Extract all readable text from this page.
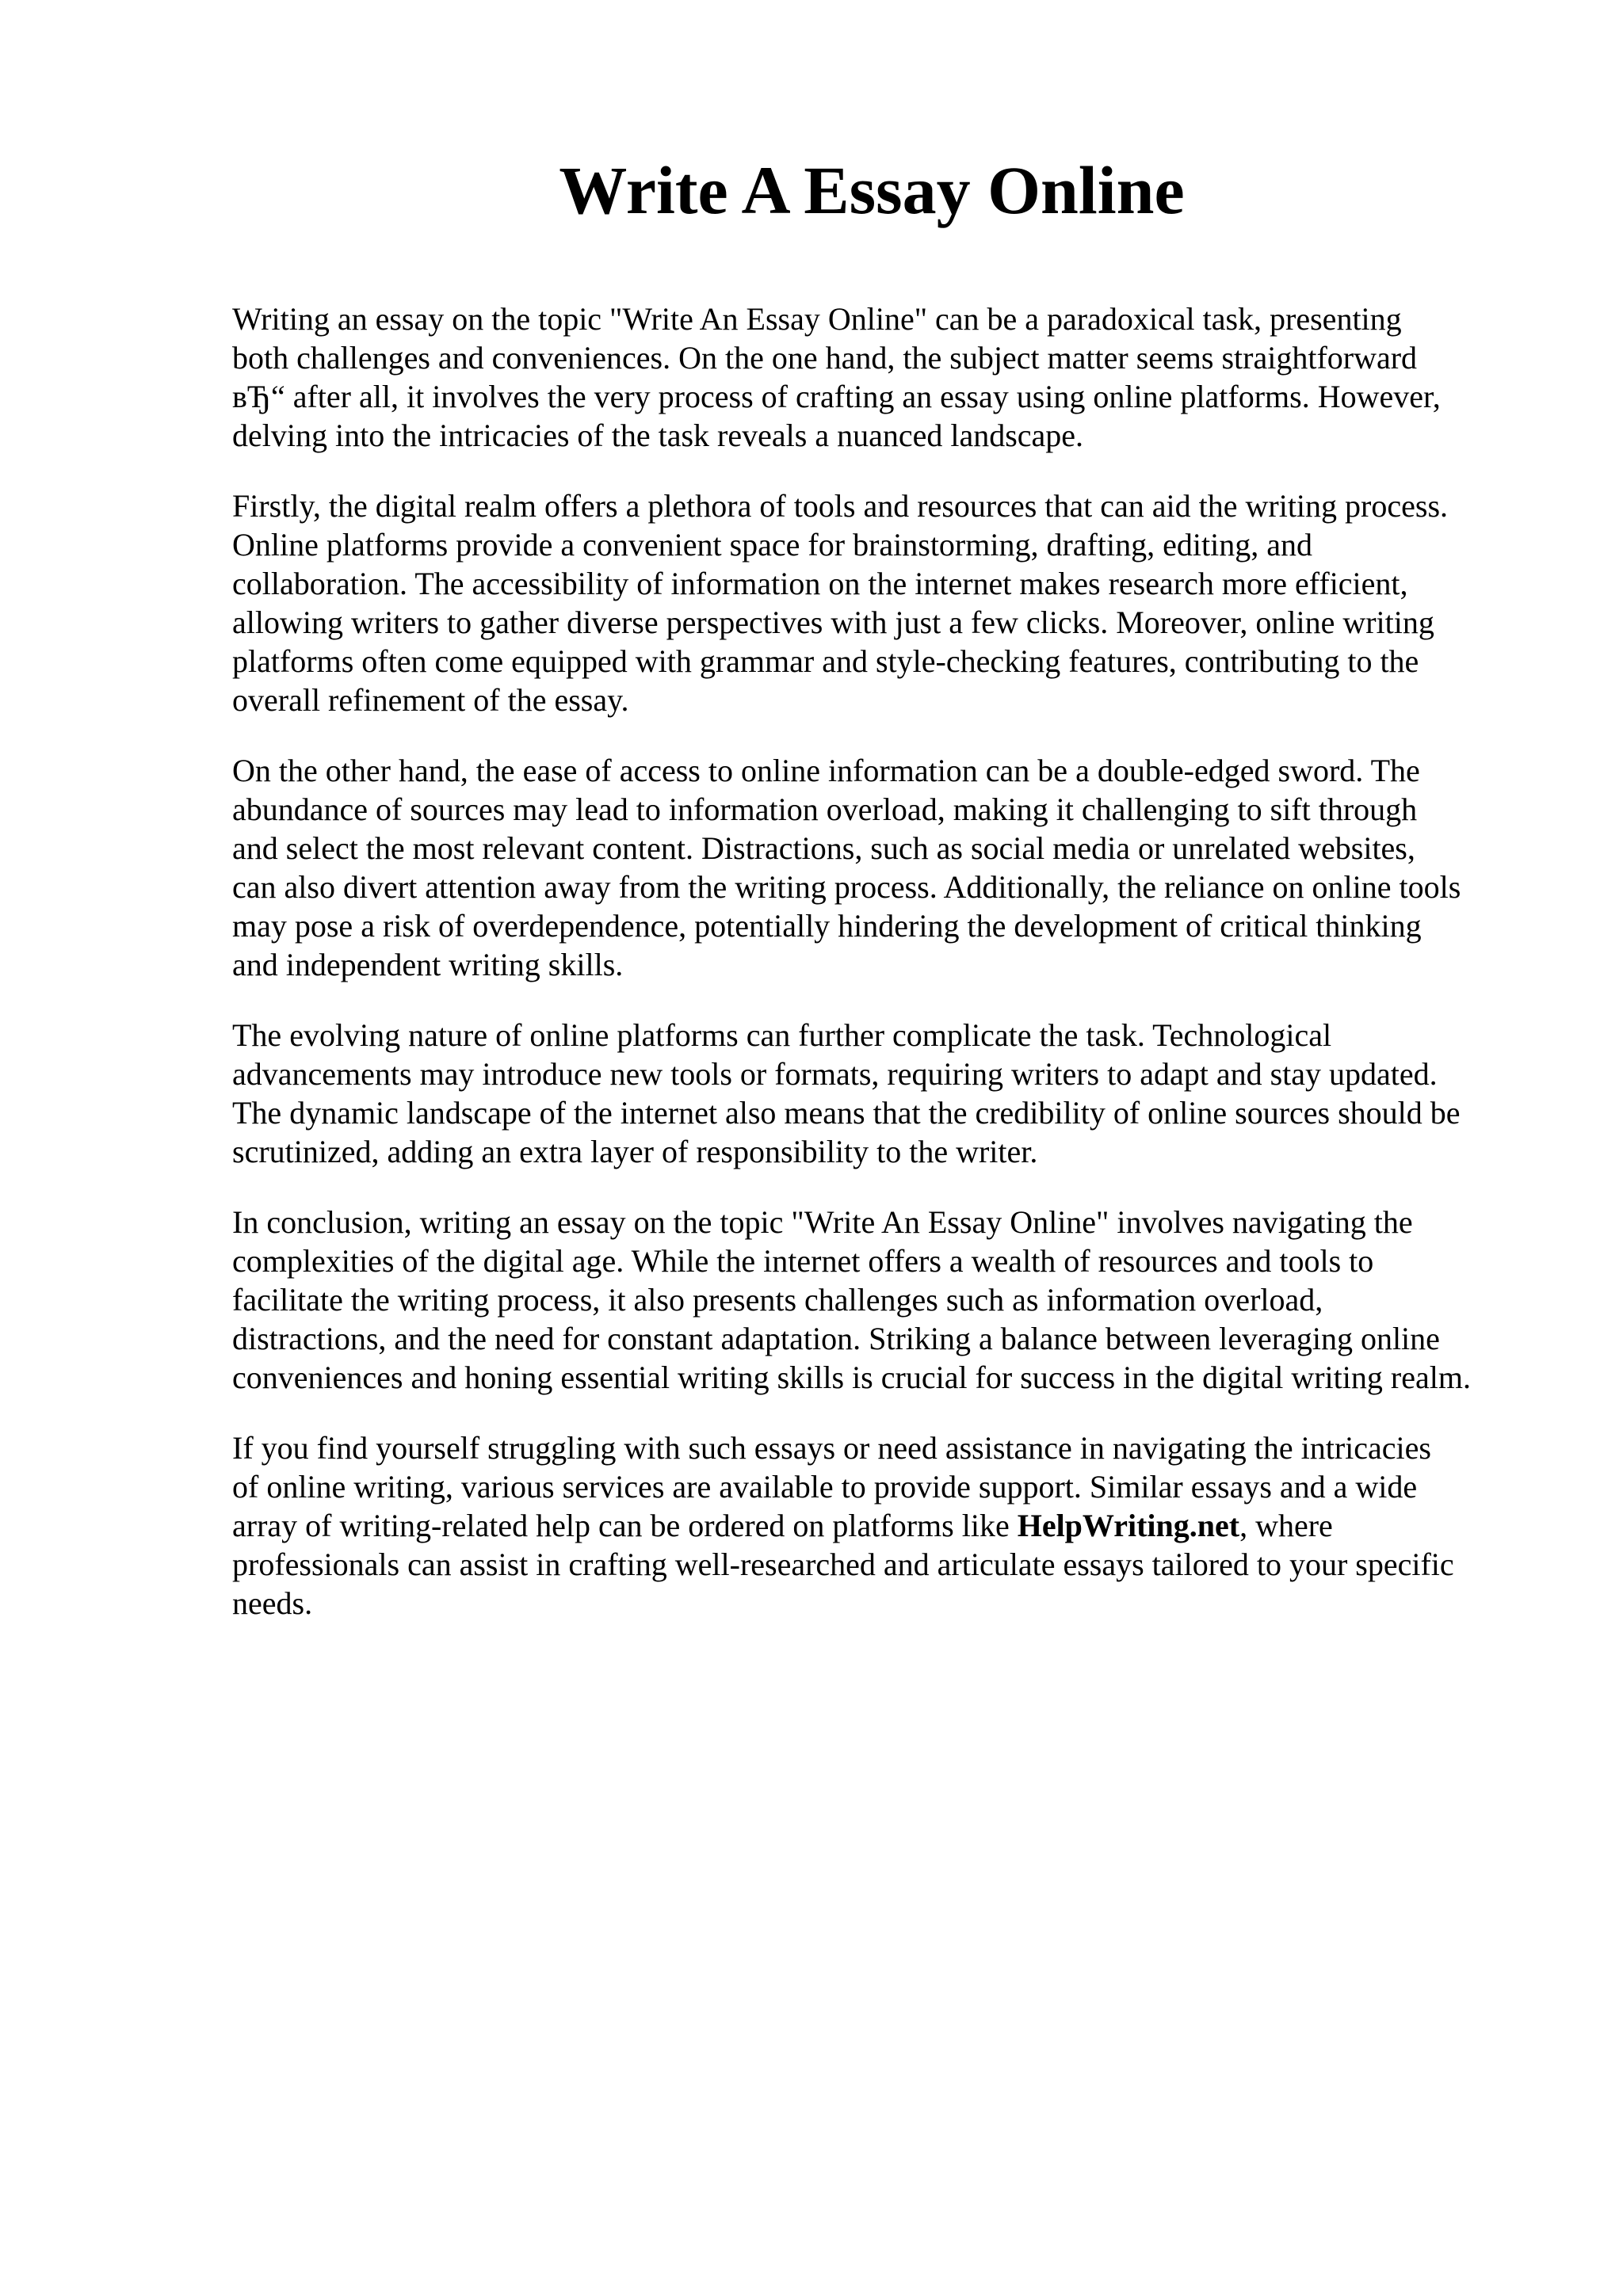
Write A Essay Online

Writing an essay on the topic "Write An Essay Online" can be a paradoxical task, presenting
both challenges and conveniences. On the one hand, the subject matter seems straightforward
вЂ“ after all, it involves the very process of crafting an essay using online platforms. However,
delving into the intricacies of the task reveals a nuanced landscape.

Firstly, the digital realm offers a plethora of tools and resources that can aid the writing process.
Online platforms provide a convenient space for brainstorming, drafting, editing, and
collaboration. The accessibility of information on the internet makes research more efficient,
allowing writers to gather diverse perspectives with just a few clicks. Moreover, online writing
platforms often come equipped with grammar and style-checking features, contributing to the
overall refinement of the essay.

On the other hand, the ease of access to online information can be a double-edged sword. The
abundance of sources may lead to information overload, making it challenging to sift through
and select the most relevant content. Distractions, such as social media or unrelated websites,
can also divert attention away from the writing process. Additionally, the reliance on online tools
may pose a risk of overdependence, potentially hindering the development of critical thinking
and independent writing skills.

The evolving nature of online platforms can further complicate the task. Technological
advancements may introduce new tools or formats, requiring writers to adapt and stay updated.
The dynamic landscape of the internet also means that the credibility of online sources should be
scrutinized, adding an extra layer of responsibility to the writer.

In conclusion, writing an essay on the topic "Write An Essay Online" involves navigating the
complexities of the digital age. While the internet offers a wealth of resources and tools to
facilitate the writing process, it also presents challenges such as information overload,
distractions, and the need for constant adaptation. Striking a balance between leveraging online
conveniences and honing essential writing skills is crucial for success in the digital writing realm.

If you find yourself struggling with such essays or need assistance in navigating the intricacies
of online writing, various services are available to provide support. Similar essays and a wide
array of writing-related help can be ordered on platforms like HelpWriting.net, where
professionals can assist in crafting well-researched and articulate essays tailored to your specific
needs.
